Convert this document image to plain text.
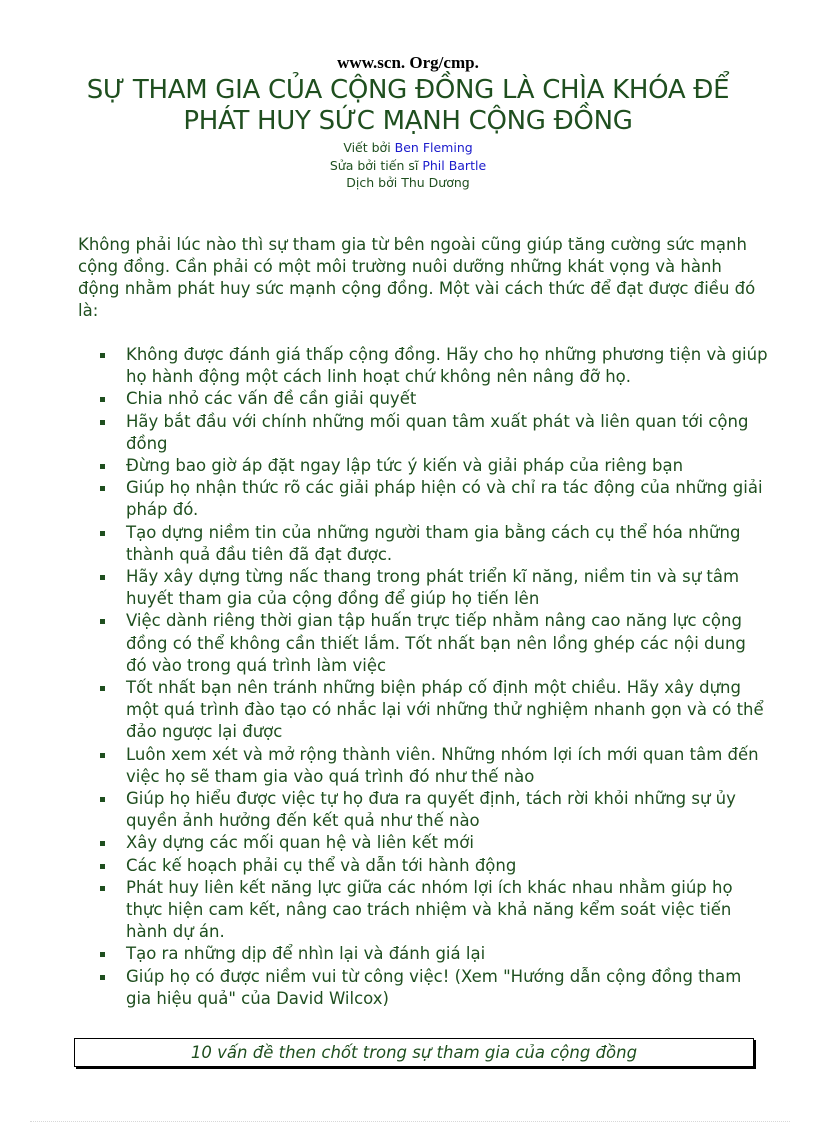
www.scn. Org/cmp.
SỰ THAM GIA CỦA CỘNG ĐỒNG LÀ CHÌA KHÓA ĐỂ
PHÁT HUY SỨC MẠNH CỘNG ĐỒNG
Viết bởi Ben Fleming
Sửa bởi tiến sĩ Phil Bartle
Dịch bởi Thu Dương
Không phải lúc nào thì sự tham gia từ bên ngoài cũng giúp tăng cường sức mạnh cộng đồng. Cần phải có một môi trường nuôi dưỡng những khát vọng và hành động nhằm phát huy sức mạnh cộng đồng. Một vài cách thức để đạt được điều đó là:
Không được đánh giá thấp cộng đồng. Hãy cho họ những phương tiện và giúp họ hành động một cách linh hoạt chứ không nên nâng đỡ họ.
Chia nhỏ các vấn đề cần giải quyết
Hãy bắt đầu với chính những mối quan tâm xuất phát và liên quan tới cộng đồng
Đừng bao giờ áp đặt ngay lập tức ý kiến và giải pháp của riêng bạn
Giúp họ nhận thức rõ các giải pháp hiện có và chỉ ra tác động của những giải pháp đó.
Tạo dựng niềm tin của những người tham gia bằng cách cụ thể hóa những thành quả đầu tiên đã đạt được.
Hãy xây dựng từng nấc thang trong phát triển kĩ năng, niềm tin và sự tâm huyết tham gia của cộng đồng để giúp họ tiến lên
Việc dành riêng thời gian tập huấn trực tiếp nhằm nâng cao năng lực cộng đồng có thể không cần thiết lắm. Tốt nhất bạn nên lồng ghép các nội dung đó vào trong quá trình làm việc
Tốt nhất bạn nên tránh những biện pháp cố định một chiều. Hãy xây dựng một quá trình đào tạo có nhắc lại với những thử nghiệm nhanh gọn và có thể đảo ngược lại được
Luôn xem xét và mở rộng thành viên. Những nhóm lợi ích mới quan tâm đến việc họ sẽ tham gia vào quá trình đó như thế nào
Giúp họ hiểu được việc tự họ đưa ra quyết định, tách rời khỏi những sự ủy quyền ảnh hưởng đến kết quả như thế nào
Xây dựng các mối quan hệ và liên kết mới
Các kế hoạch phải cụ thể và dẫn tới hành động
Phát huy liên kết năng lực giữa các nhóm lợi ích khác nhau nhằm giúp họ thực hiện cam kết, nâng cao trách nhiệm và khả năng kểm soát việc tiến hành dự án.
Tạo ra những dịp để nhìn lại và đánh giá lại
Giúp họ có được niềm vui từ công việc! (Xem "Hướng dẫn cộng đồng tham gia hiệu quả" của David Wilcox)
10 vấn đề then chốt trong sự tham gia của cộng đồng
